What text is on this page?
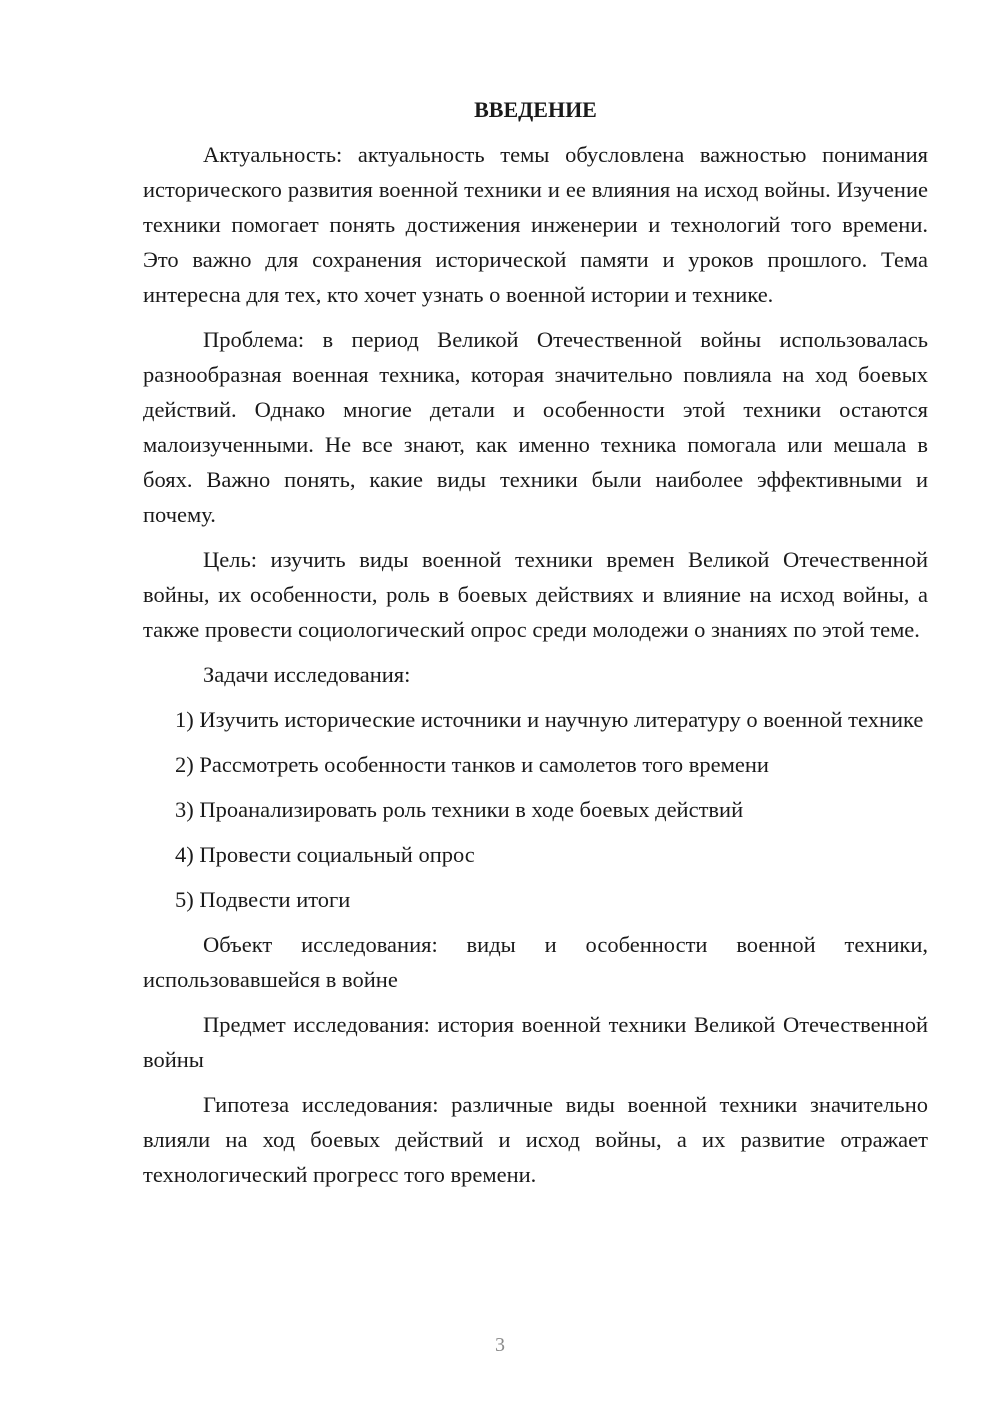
ВВЕДЕНИЕ
Актуальность: актуальность темы обусловлена важностью понимания исторического развития военной техники и ее влияния на исход войны. Изучение техники помогает понять достижения инженерии и технологий того времени. Это важно для сохранения исторической памяти и уроков прошлого. Тема интересна для тех, кто хочет узнать о военной истории и технике.
Проблема: в период Великой Отечественной войны использовалась разнообразная военная техника, которая значительно повлияла на ход боевых действий. Однако многие детали и особенности этой техники остаются малоизученными. Не все знают, как именно техника помогала или мешала в боях. Важно понять, какие виды техники были наиболее эффективными и почему.
Цель: изучить виды военной техники времен Великой Отечественной войны, их особенности, роль в боевых действиях и влияние на исход войны, а также провести социологический опрос среди молодежи о знаниях по этой теме.
Задачи исследования:
1) Изучить исторические источники и научную литературу о военной технике
2) Рассмотреть особенности танков и самолетов того времени
3) Проанализировать роль техники в ходе боевых действий
4) Провести социальный опрос
5) Подвести итоги
Объект исследования: виды и особенности военной техники, использовавшейся в войне
Предмет исследования: история военной техники Великой Отечественной войны
Гипотеза исследования: различные виды военной техники значительно влияли на ход боевых действий и исход войны, а их развитие отражает технологический прогресс того времени.
3
